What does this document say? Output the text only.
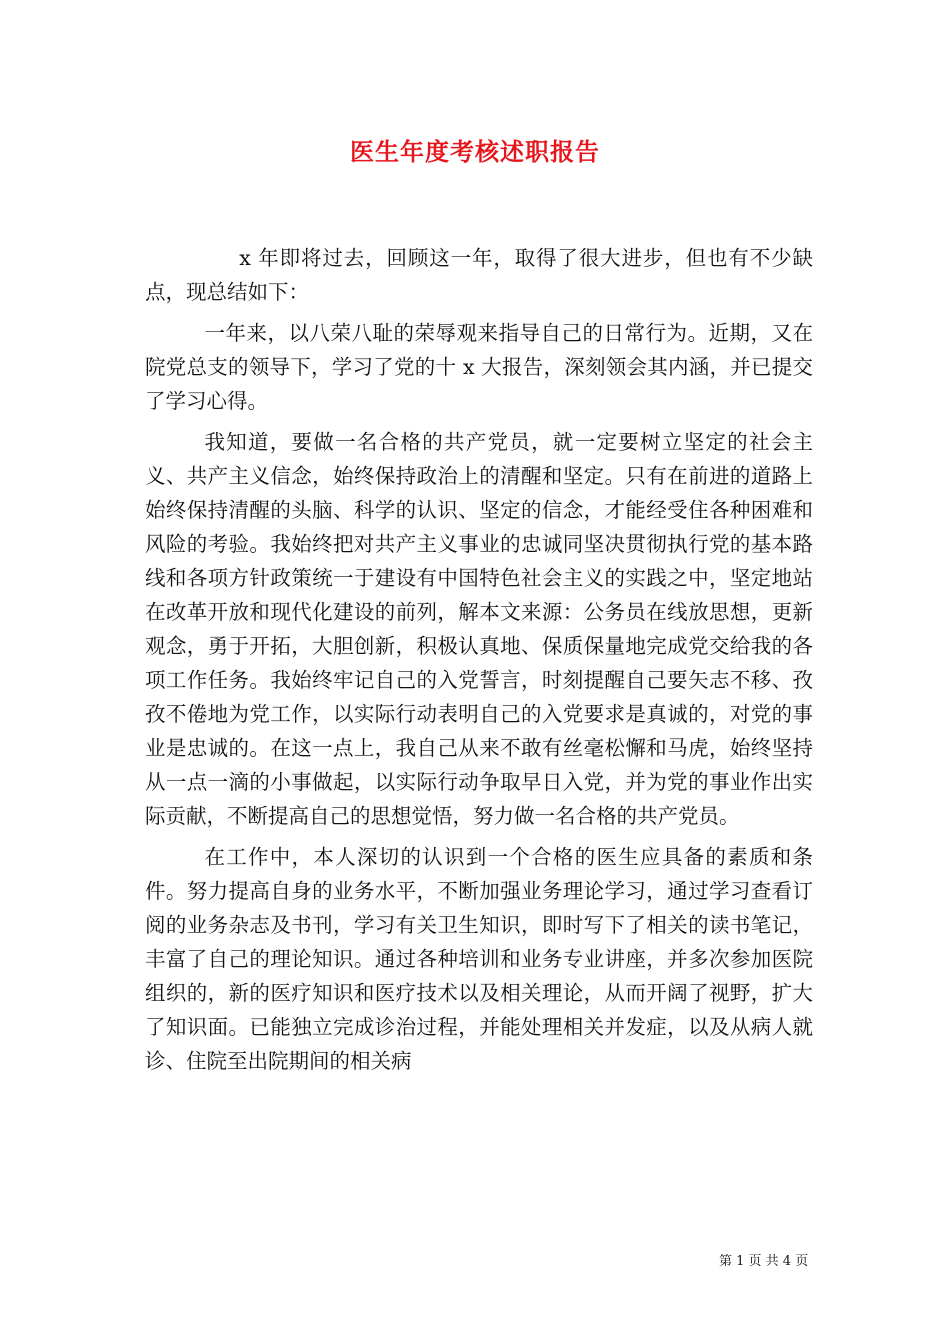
医生年度考核述职报告

x 年即将过去，回顾这一年，取得了很大进步，但也有不少缺点，现总结如下：

一年来，以八荣八耻的荣辱观来指导自己的日常行为。近期，又在院党总支的领导下，学习了党的十 x 大报告，深刻领会其内涵，并已提交了学习心得。

我知道，要做一名合格的共产党员，就一定要树立坚定的社会主义、共产主义信念，始终保持政治上的清醒和坚定。只有在前进的道路上始终保持清醒的头脑、科学的认识、坚定的信念，才能经受住各种困难和风险的考验。我始终把对共产主义事业的忠诚同坚决贯彻执行党的基本路线和各项方针政策统一于建设有中国特色社会主义的实践之中，坚定地站在改革开放和现代化建设的前列，解本文来源：公务员在线放思想，更新观念，勇于开拓，大胆创新，积极认真地、保质保量地完成党交给我的各项工作任务。我始终牢记自己的入党誓言，时刻提醒自己要矢志不移、孜孜不倦地为党工作，以实际行动表明自己的入党要求是真诚的，对党的事业是忠诚的。在这一点上，我自己从来不敢有丝毫松懈和马虎，始终坚持从一点一滴的小事做起，以实际行动争取早日入党，并为党的事业作出实际贡献，不断提高自己的思想觉悟，努力做一名合格的共产党员。

在工作中，本人深切的认识到一个合格的医生应具备的素质和条件。努力提高自身的业务水平，不断加强业务理论学习，通过学习查看订阅的业务杂志及书刊，学习有关卫生知识，即时写下了相关的读书笔记，丰富了自己的理论知识。通过各种培训和业务专业讲座，并多次参加医院组织的，新的医疗知识和医疗技术以及相关理论，从而开阔了视野，扩大了知识面。已能独立完成诊治过程，并能处理相关并发症，以及从病人就诊、住院至出院期间的相关病

第 1 页 共 4 页
